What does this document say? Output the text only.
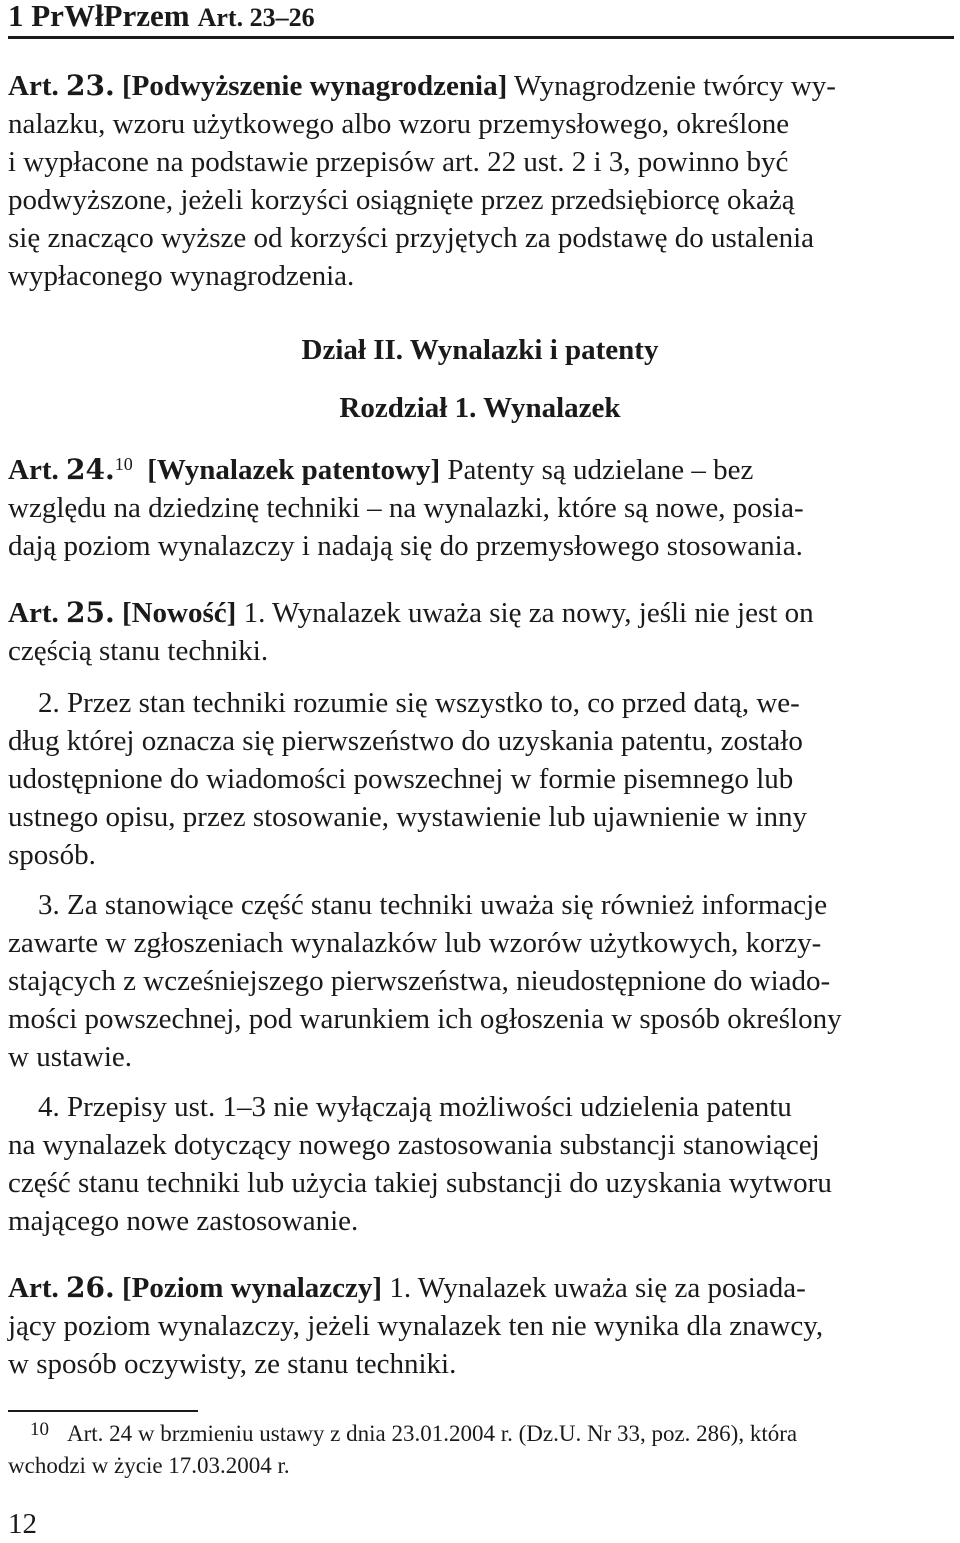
1 PrWłPrzem Art. 23–26
Art. 23. [Podwyższenie wynagrodzenia] Wynagrodzenie twórcy wy-
nalazku, wzoru użytkowego albo wzoru przemysłowego, określone
i wypłacone na podstawie przepisów art. 22 ust. 2 i 3, powinno być
podwyższone, jeżeli korzyści osiągnięte przez przedsiębiorcę okażą
się znacząco wyższe od korzyści przyjętych za podstawę do ustalenia
wypłaconego wynagrodzenia.
Dział II. Wynalazki i patenty
Rozdział 1. Wynalazek
Art. 24.10 [Wynalazek patentowy] Patenty są udzielane – bez
względu na dziedzinę techniki – na wynalazki, które są nowe, posia-
dają poziom wynalazczy i nadają się do przemysłowego stosowania.
Art. 25. [Nowość] 1. Wynalazek uważa się za nowy, jeśli nie jest on
częścią stanu techniki.
2. Przez stan techniki rozumie się wszystko to, co przed datą, we-
dług której oznacza się pierwszeństwo do uzyskania patentu, zostało
udostępnione do wiadomości powszechnej w formie pisemnego lub
ustnego opisu, przez stosowanie, wystawienie lub ujawnienie w inny
sposób.
3. Za stanowiące część stanu techniki uważa się również informacje
zawarte w zgłoszeniach wynalazków lub wzorów użytkowych, korzy-
stających z wcześniejszego pierwszeństwa, nieudostępnione do wiado-
mości powszechnej, pod warunkiem ich ogłoszenia w sposób określony
w ustawie.
4. Przepisy ust. 1–3 nie wyłączają możliwości udzielenia patentu
na wynalazek dotyczący nowego zastosowania substancji stanowiącej
część stanu techniki lub użycia takiej substancji do uzyskania wytworu
mającego nowe zastosowanie.
Art. 26. [Poziom wynalazczy] 1. Wynalazek uważa się za posiada-
jący poziom wynalazczy, jeżeli wynalazek ten nie wynika dla znawcy,
w sposób oczywisty, ze stanu techniki.
$^{10}$ Art. 24 w brzmieniu ustawy z dnia 23.01.2004 r. (Dz.U. Nr 33, poz. 286), która
wchodzi w życie 17.03.2004 r.
12
